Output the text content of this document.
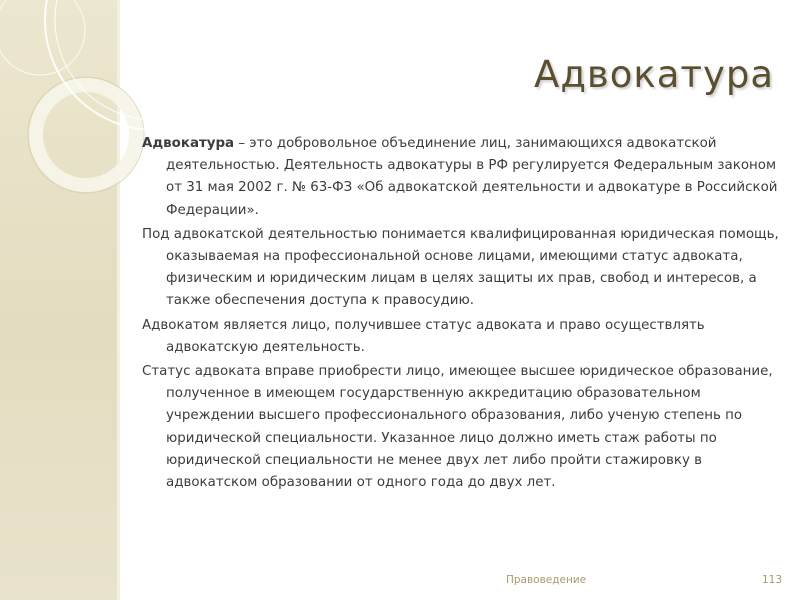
Адвокатура

Адвокатура – это добровольное объединение лиц, занимающихся адвокатской деятельностью. Деятельность адвокатуры в РФ регулируется Федеральным законом от 31 мая 2002 г. № 63-ФЗ «Об адвокатской деятельности и адвокатуре в Российской Федерации».

Под адвокатской деятельностью понимается квалифицированная юридическая помощь, оказываемая на профессиональной основе лицами, имеющими статус адвоката, физическим и юридическим лицам в целях защиты их прав, свобод и интересов, а также обеспечения доступа к правосудию.

Адвокатом является лицо, получившее статус адвоката и право осуществлять адвокатскую деятельность.

Статус адвоката вправе приобрести лицо, имеющее высшее юридическое образование, полученное в имеющем государственную аккредитацию образовательном учреждении высшего профессионального образования, либо ученую степень по юридической специальности. Указанное лицо должно иметь стаж работы по юридической специальности не менее двух лет либо пройти стажировку в адвокатском образовании от одного года до двух лет.

Правоведение	113
